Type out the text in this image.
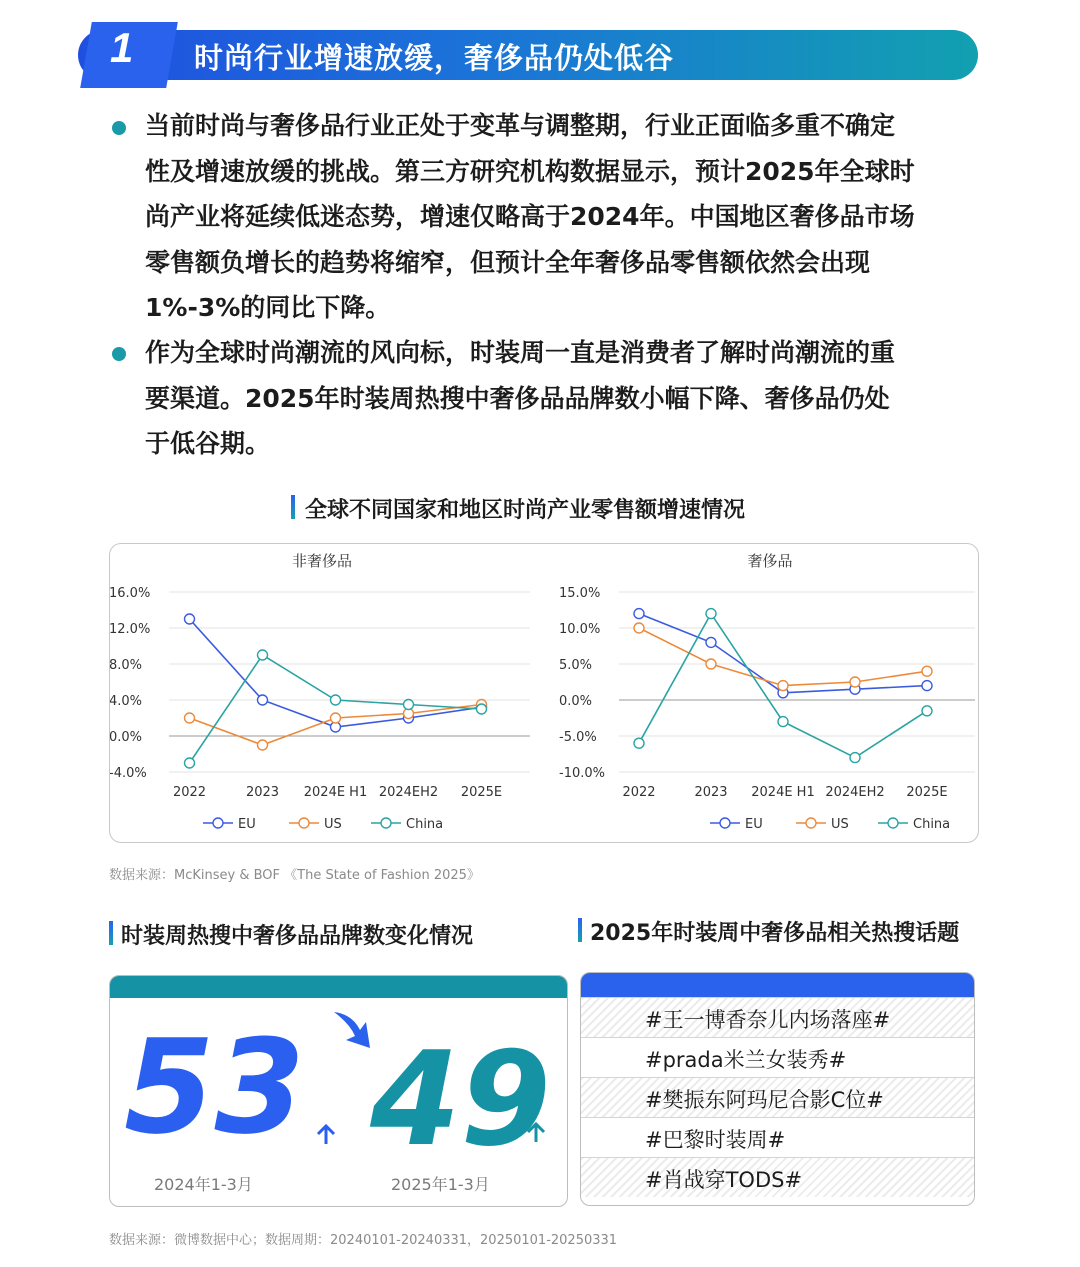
1 时尚行业增速放缓，奢侈品仍处低谷
当前时尚与奢侈品行业正处于变革与调整期，行业正面临多重不确定
性及增速放缓的挑战。第三方研究机构数据显示，预计2025年全球时
尚产业将延续低迷态势，增速仅略高于2024年。中国地区奢侈品市场
零售额负增长的趋势将缩窄，但预计全年奢侈品零售额依然会出现
1%-3%的同比下降。
作为全球时尚潮流的风向标，时装周一直是消费者了解时尚潮流的重
要渠道。2025年时装周热搜中奢侈品品牌数小幅下降、奢侈品仍处
于低谷期。
全球不同国家和地区时尚产业零售额增速情况
非奢侈品
16.0%
12.0%
8.0%
4.0%
0.0%
-4.0%
2022	2023 2024E H1 2024EH2 2025E
EU	US	China
奢侈品
15.0%
10.0%
5.0%
0.0%
-5.0%
-10.0%
2022	2023 2024E H1 2024EH2 2025E
EU	US	China
数据来源：McKinsey & BOF 《The State of Fashion 2025》
时装周热搜中奢侈品品牌数变化情况	2025年时装周中奢侈品相关热搜话题
53 49
2024年1-3月	2025年1-3月
#王一博香奈儿内场落座#
#prada米兰女装秀#
#樊振东阿玛尼合影C位#
#巴黎时装周#
#肖战穿TODS#
数据来源：微博数据中心；数据周期：20240101-20240331，20250101-20250331
